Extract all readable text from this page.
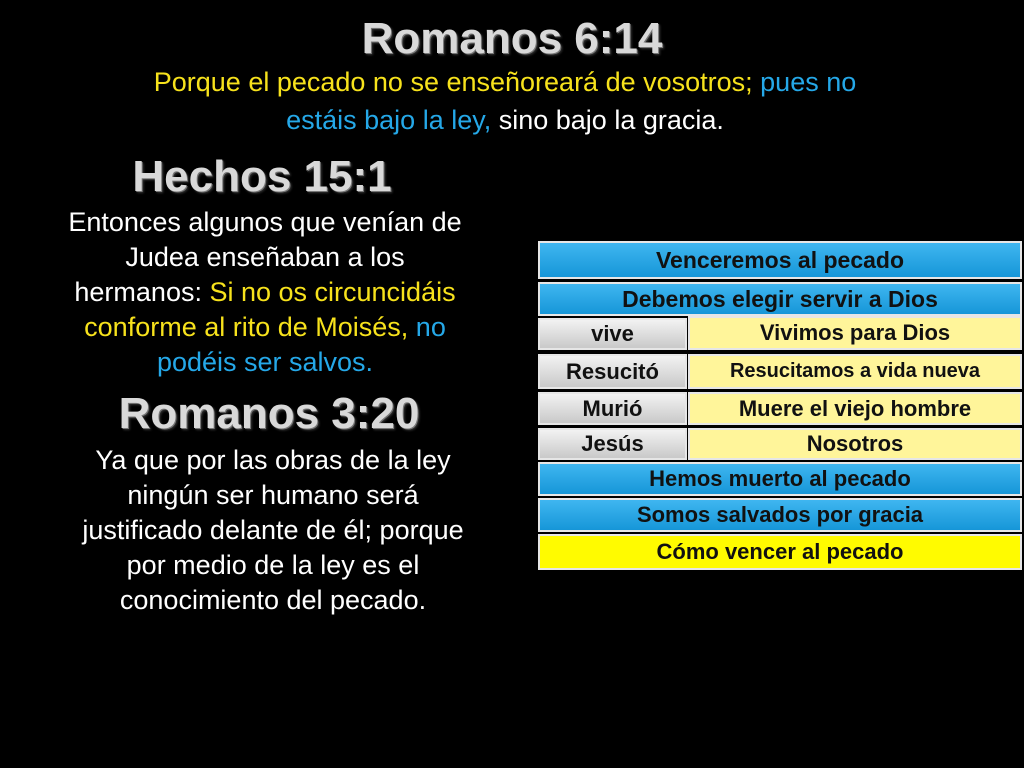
Romanos 6:14
Porque el pecado no se enseñoreará de vosotros; pues no
estáis bajo la ley, sino bajo la gracia.
Hechos 15:1
Entonces algunos que venían de
Judea enseñaban a los
hermanos: Si no os circuncidáis
conforme al rito de Moisés, no
podéis ser salvos.
Romanos 3:20
Ya que por las obras de la ley
ningún ser humano será
justificado delante de él; porque
por medio de la ley es el
conocimiento del pecado.
Venceremos al pecado
Debemos elegir servir a Dios
vive	Vivimos para Dios
Resucitó	Resucitamos a vida nueva
Murió	Muere el viejo hombre
Jesús	Nosotros
Hemos muerto al pecado
Somos salvados por gracia
Cómo vencer al pecado
